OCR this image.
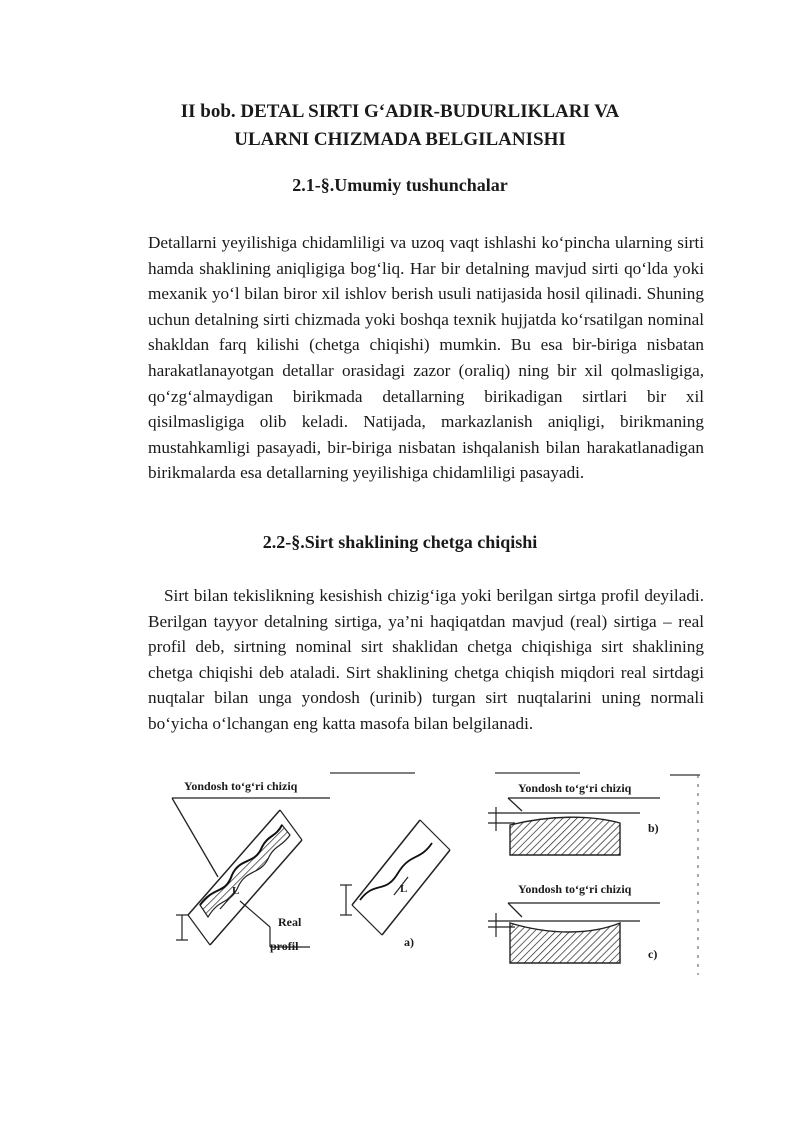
II bob. DETAL SIRTI G‘ADIR-BUDURLIKLARI VA
ULARNI CHIZMADA BELGILANISHI
2.1-§.Umumiy tushunchalar

Detallarni yeyilishiga chidamliligi va uzoq vaqt ishlashi ko‘pincha ularning sirti hamda shaklining aniqligiga bog‘liq. Har bir detalning mavjud sirti qo‘lda yoki mexanik yo‘l bilan biror xil ishlov berish usuli natijasida hosil qilinadi. Shuning uchun detalning sirti chizmada yoki boshqa texnik hujjatda ko‘rsatilgan nominal shakldan farq kilishi (chetga chiqishi) mumkin. Bu esa bir-biriga nisbatan harakatlanayotgan detallar orasidagi zazor (oraliq) ning bir xil qolmasligiga, qo‘zg‘almaydigan birikmada detallarning birikadigan sirtlari bir xil qisilmasligiga olib keladi. Natijada, markazlanish aniqligi, birikmaning mustahkamligi pasayadi, bir-biriga nisbatan ishqalanish bilan harakatlanadigan birikmalarda esa detallarning yeyilishiga chidamliligi pasayadi.

2.2-§.Sirt shaklining chetga chiqishi

Sirt bilan tekislikning kesishish chizig‘iga yoki berilgan sirtga profil deyiladi. Berilgan tayyor detalning sirtiga, ya’ni haqiqatdan mavjud (real) sirtiga – real profil deb, sirtning nominal sirt shaklidan chetga chiqishiga sirt shaklining chetga chiqishi deb ataladi. Sirt shaklining chetga chiqish miqdori real sirtdagi nuqtalar bilan unga yondosh (urinib) turgan sirt nuqtalarini uning normali bo‘yicha o‘lchangan eng katta masofa bilan belgilanadi.

Yondosh to‘g‘ri chiziq
Real
profil
L	L
a)
Yondosh to‘g‘ri chiziq
b)
Yondosh to‘g‘ri chiziq
c)
